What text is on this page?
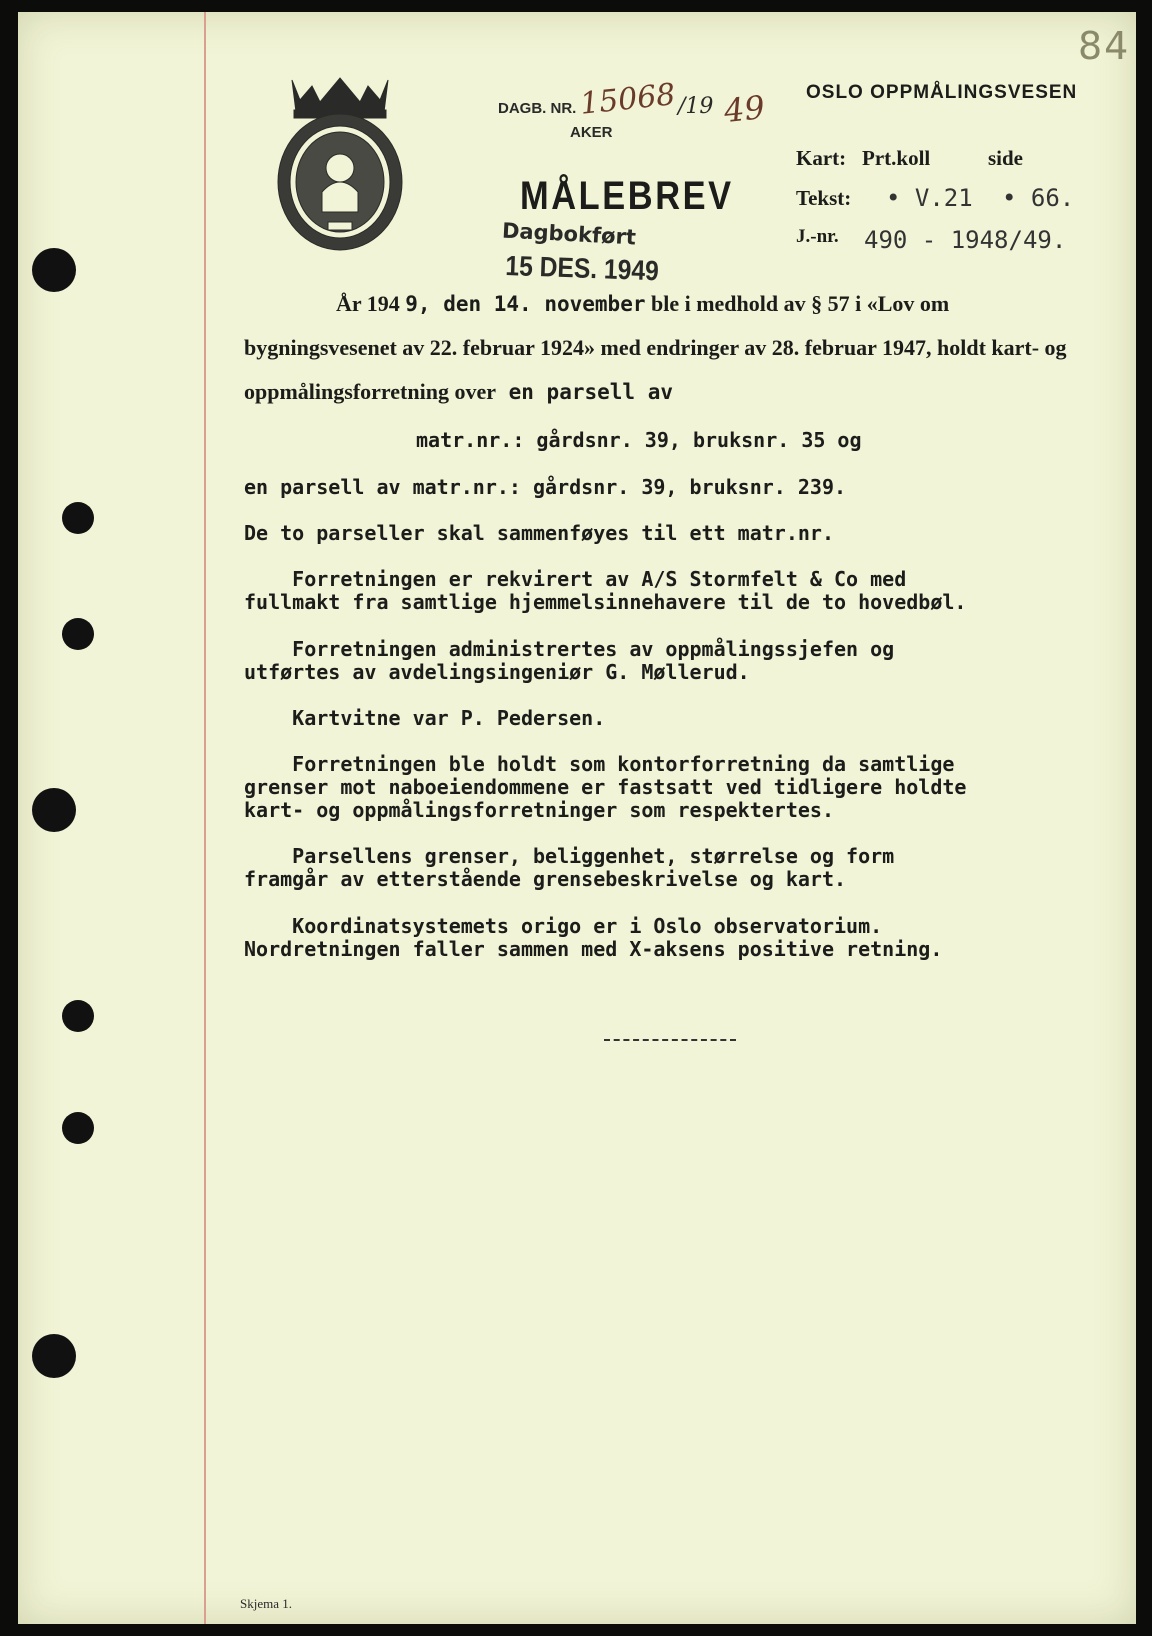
84
DAGB. NR. 15068 /19 49
AKER
MÅLEBREV
Dagbokført
15 DES. 1949
OSLO OPPMÅLINGSVESEN
Kart: Prt.koll	side
Tekst: • V.21 • 66.
J.-nr. 490 - 1948/49.

År 194 9, den 14. november ble i medhold av § 57 i «Lov om bygningsvesenet av 22. februar 1924» med endringer av 28. februar 1947, holdt kart- og oppmålingsforretning over en parsell av

matr.nr.: gårdsnr. 39, bruksnr. 35 og
en parsell av matr.nr.: gårdsnr. 39, bruksnr. 239.
De to parseller skal sammenføyes til ett matr.nr.
Forretningen er rekvirert av A/S Stormfelt & Co med
fullmakt fra samtlige hjemmelsinnehavere til de to hovedbøl.
Forretningen administrertes av oppmålingssjefen og
utførtes av avdelingsingeniør G. Møllerud.
Kartvitne var P. Pedersen.
Forretningen ble holdt som kontorforretning da samtlige
grenser mot naboeiendommene er fastsatt ved tidligere holdte
kart- og oppmålingsforretninger som respektertes.
Parsellens grenser, beliggenhet, størrelse og form
framgår av etterstående grensebeskrivelse og kart.
Koordinatsystemets origo er i Oslo observatorium.
Nordretningen faller sammen med X-aksens positive retning.
Skjema 1.
